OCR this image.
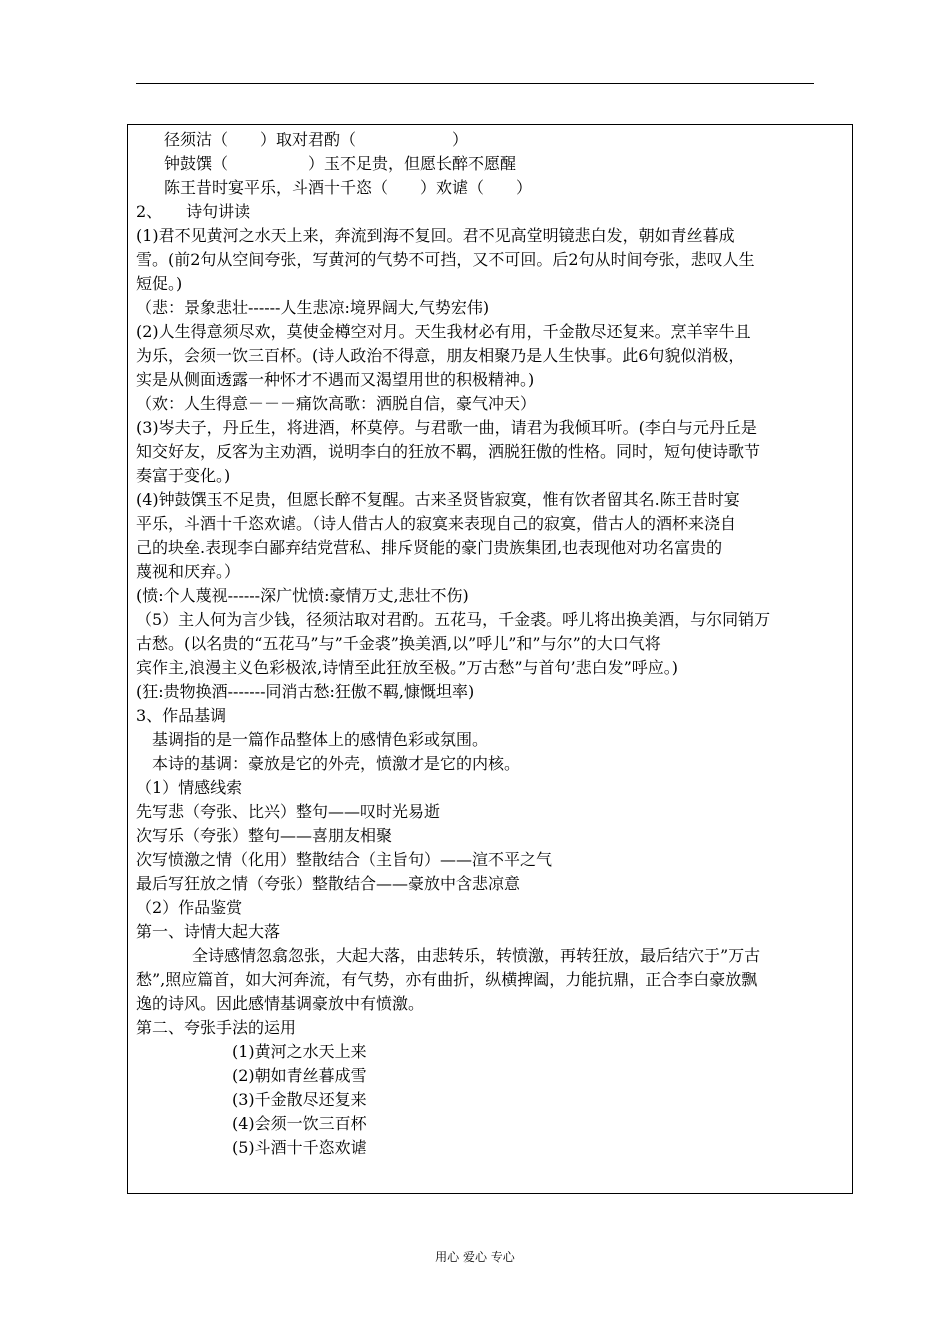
径须沽（　　）取对君酌（　　　　　　）
钟鼓馔（　　　　　）玉不足贵，但愿长醉不愿醒
陈王昔时宴平乐，斗酒十千恣（　　）欢谑（　　）
2、　　诗句讲读
(1)君不见黄河之水天上来，奔流到海不复回。君不见高堂明镜悲白发，朝如青丝暮成
雪。(前2句从空间夸张，写黄河的气势不可挡，又不可回。后2句从时间夸张，悲叹人生
短促。)
（悲：景象悲壮------人生悲凉:境界阔大,气势宏伟)
(2)人生得意须尽欢，莫使金樽空对月。天生我材必有用，千金散尽还复来。烹羊宰牛且
为乐，会须一饮三百杯。(诗人政治不得意，朋友相聚乃是人生快事。此6句貌似消极，
实是从侧面透露一种怀才不遇而又渴望用世的积极精神。)
（欢：人生得意－－－痛饮高歌：洒脱自信，豪气冲天）
(3)岑夫子，丹丘生，将进酒，杯莫停。与君歌一曲，请君为我倾耳听。(李白与元丹丘是
知交好友，反客为主劝酒，说明李白的狂放不羁，洒脱狂傲的性格。同时，短句使诗歌节
奏富于变化。)
(4)钟鼓馔玉不足贵，但愿长醉不复醒。古来圣贤皆寂寞，惟有饮者留其名.陈王昔时宴
平乐，斗酒十千恣欢谑。（诗人借古人的寂寞来表现自己的寂寞，借古人的酒杯来浇自
己的块垒.表现李白鄙弃结党营私、排斥贤能的豪门贵族集团,也表现他对功名富贵的
蔑视和厌弃。）
(愤:个人蔑视------深广忧愤:豪情万丈,悲壮不伤)
（5）主人何为言少钱，径须沽取对君酌。五花马，千金裘。呼儿将出换美酒，与尔同销万
古愁。(以名贵的“五花马”与”千金裘”换美酒,以”呼儿”和”与尔”的大口气将
宾作主,浪漫主义色彩极浓,诗情至此狂放至极。”万古愁”与首句’悲白发”呼应。)
(狂:贵物换酒-------同消古愁:狂傲不羁,慷慨坦率)
3、作品基调
基调指的是一篇作品整体上的感情色彩或氛围。
本诗的基调：豪放是它的外壳，愤激才是它的内核。
（1）情感线索
先写悲（夸张、比兴）整句——叹时光易逝
次写乐（夸张）整句——喜朋友相聚
次写愤激之情（化用）整散结合（主旨句）——渲不平之气
最后写狂放之情（夸张）整散结合——豪放中含悲凉意
（2）作品鉴赏
第一、诗情大起大落
全诗感情忽翕忽张，大起大落，由悲转乐，转愤激，再转狂放，最后结穴于”万古
愁”,照应篇首，如大河奔流，有气势，亦有曲折，纵横捭阖，力能抗鼎，正合李白豪放飘
逸的诗风。因此感情基调豪放中有愤激。
第二、夸张手法的运用
(1)黄河之水天上来
(2)朝如青丝暮成雪
(3)千金散尽还复来
(4)会须一饮三百杯
(5)斗酒十千恣欢谑
用心 爱心 专心
